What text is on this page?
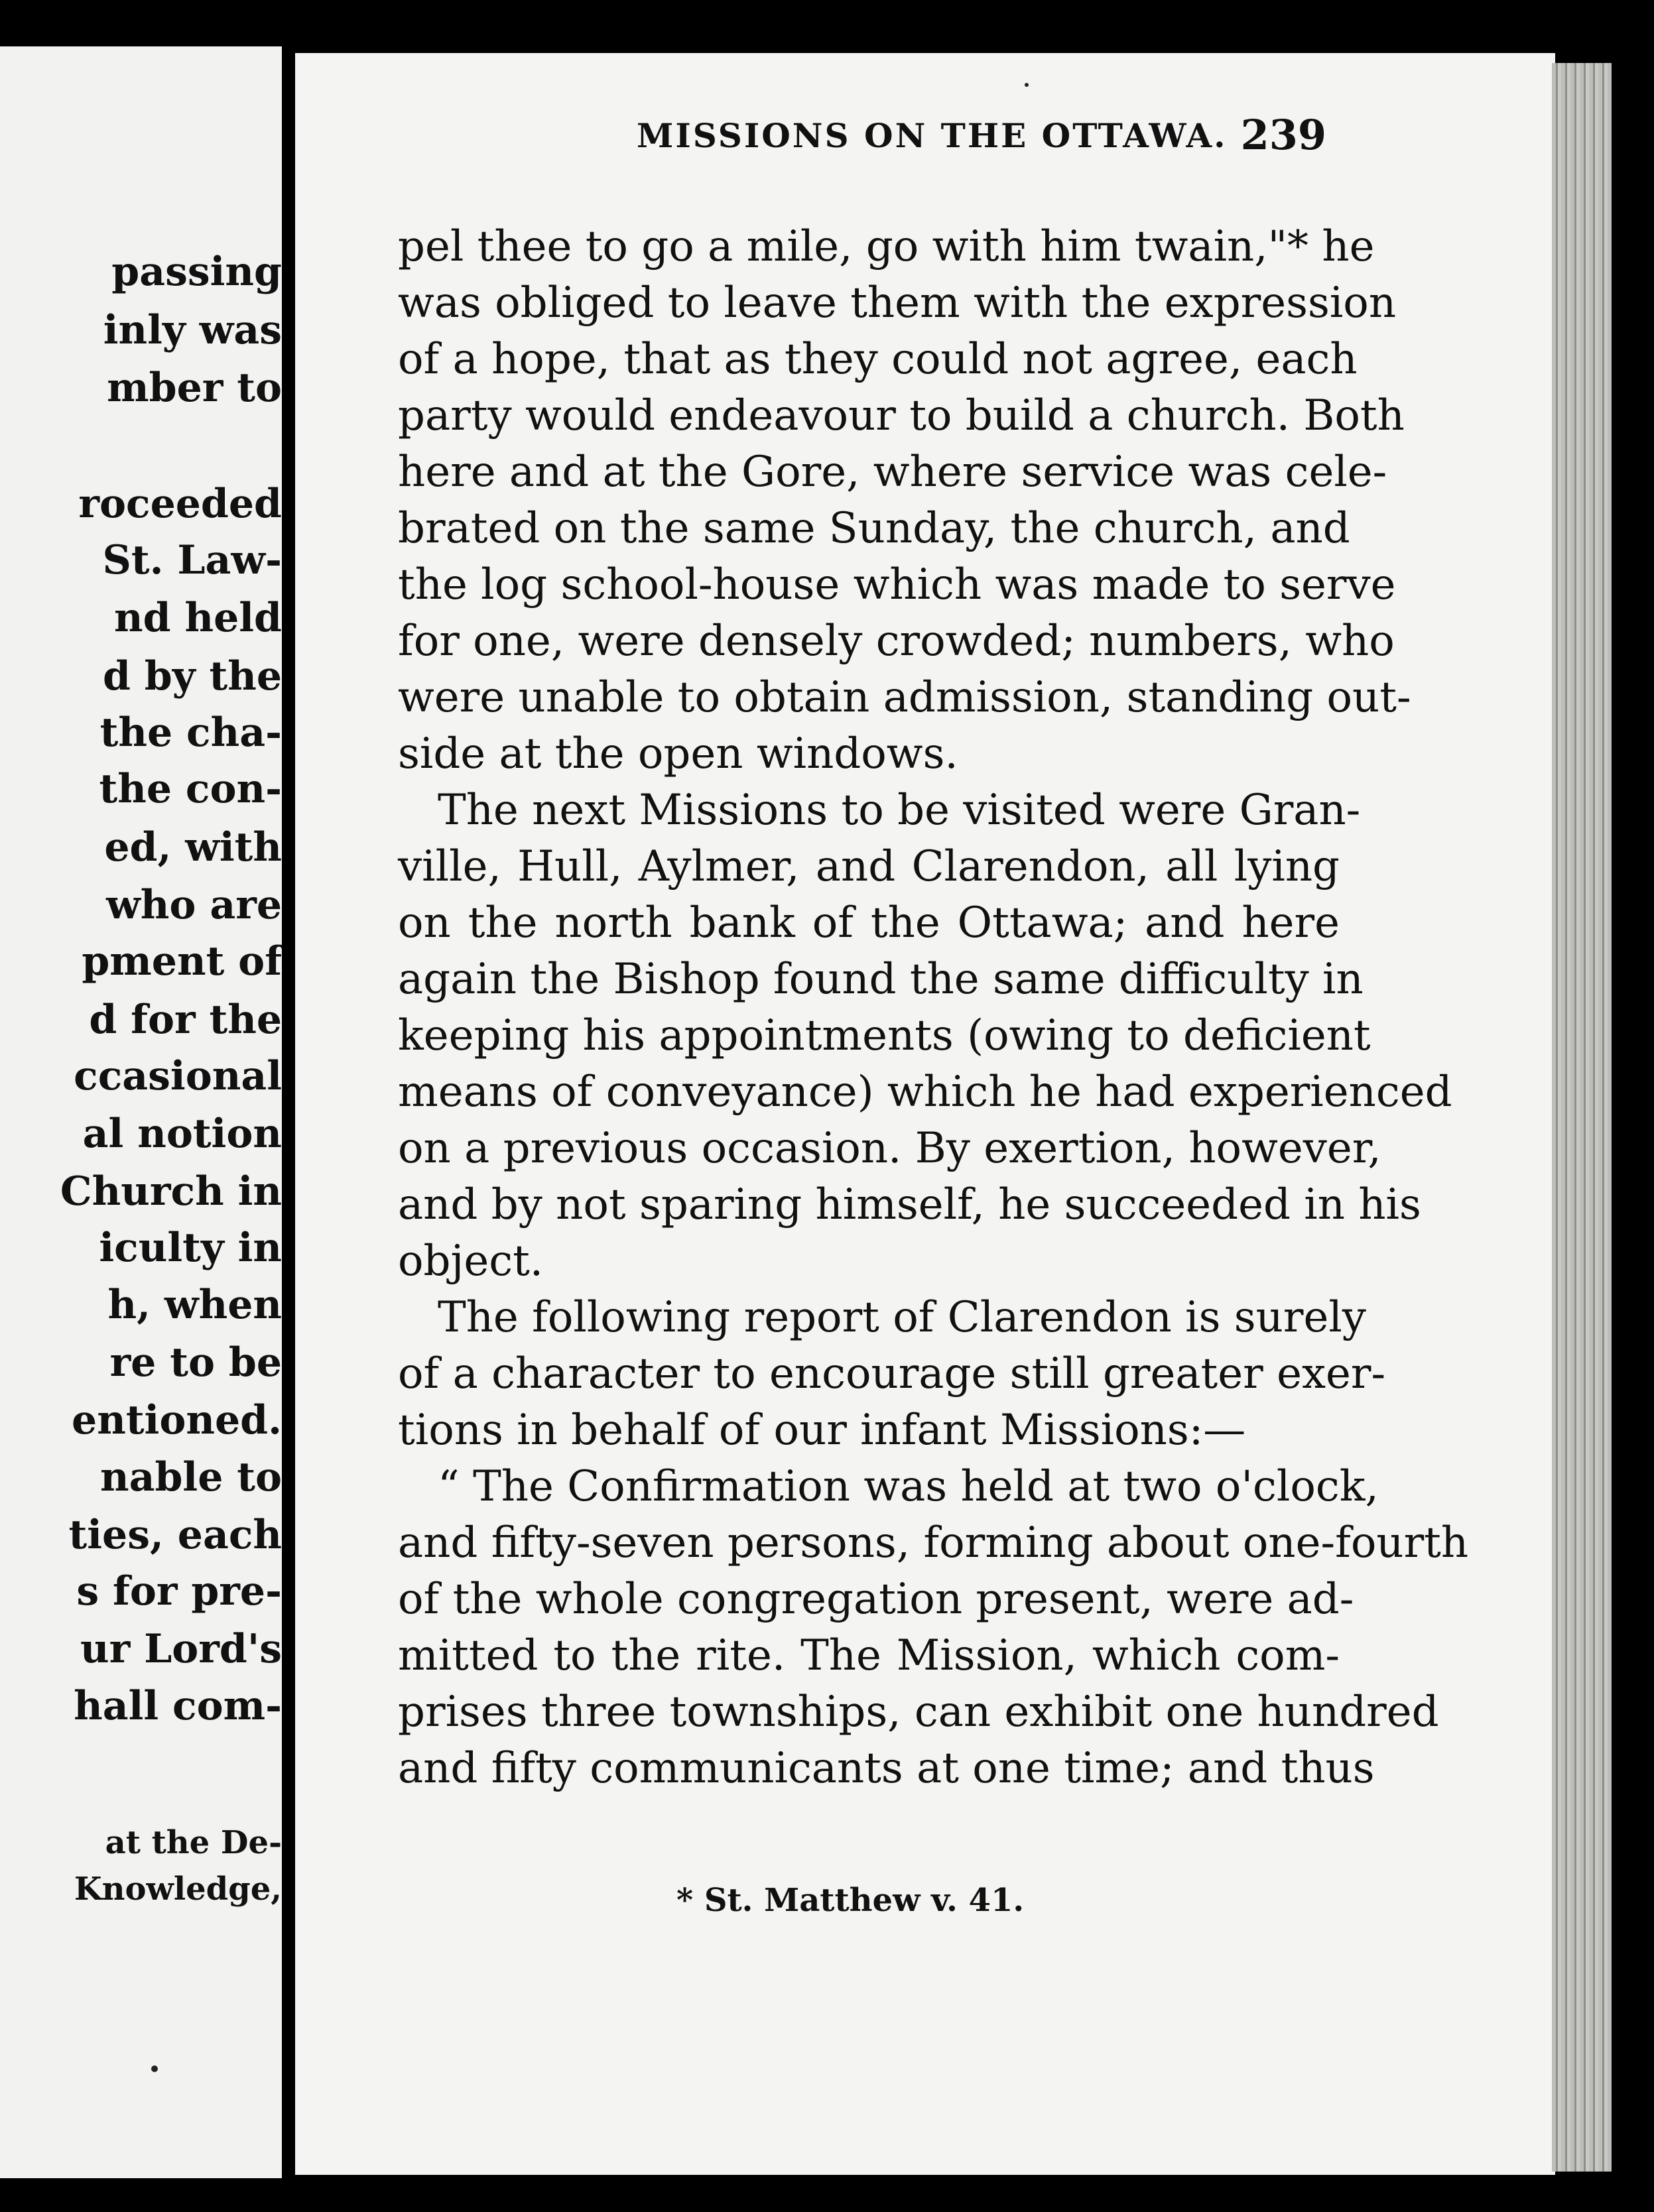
passing
inly was
mber to
roceeded
St. Law-
nd held
d by the
the cha-
the con-
ed, with
who are
pment of
d for the
ccasional
al notion
Church in
iculty in
h, when
re to be
entioned.
nable to
ties, each
s for pre-
ur Lord's
hall com-
at the De-
Knowledge,
MISSIONS ON THE OTTAWA. 239
pel thee to go a mile, go with him twain,"* he
was obliged to leave them with the expression
of a hope, that as they could not agree, each
party would endeavour to build a church. Both
here and at the Gore, where service was cele-
brated on the same Sunday, the church, and
the log school-house which was made to serve
for one, were densely crowded; numbers, who
were unable to obtain admission, standing out-
side at the open windows.
The next Missions to be visited were Gran-
ville, Hull, Aylmer, and Clarendon, all lying
on the north bank of the Ottawa; and here
again the Bishop found the same difficulty in
keeping his appointments (owing to deficient
means of conveyance) which he had experienced
on a previous occasion. By exertion, however,
and by not sparing himself, he succeeded in his
object.
The following report of Clarendon is surely
of a character to encourage still greater exer-
tions in behalf of our infant Missions:—
“ The Confirmation was held at two o'clock,
and fifty-seven persons, forming about one-fourth
of the whole congregation present, were ad-
mitted to the rite. The Mission, which com-
prises three townships, can exhibit one hundred
and fifty communicants at one time; and thus
* St. Matthew v. 41.
